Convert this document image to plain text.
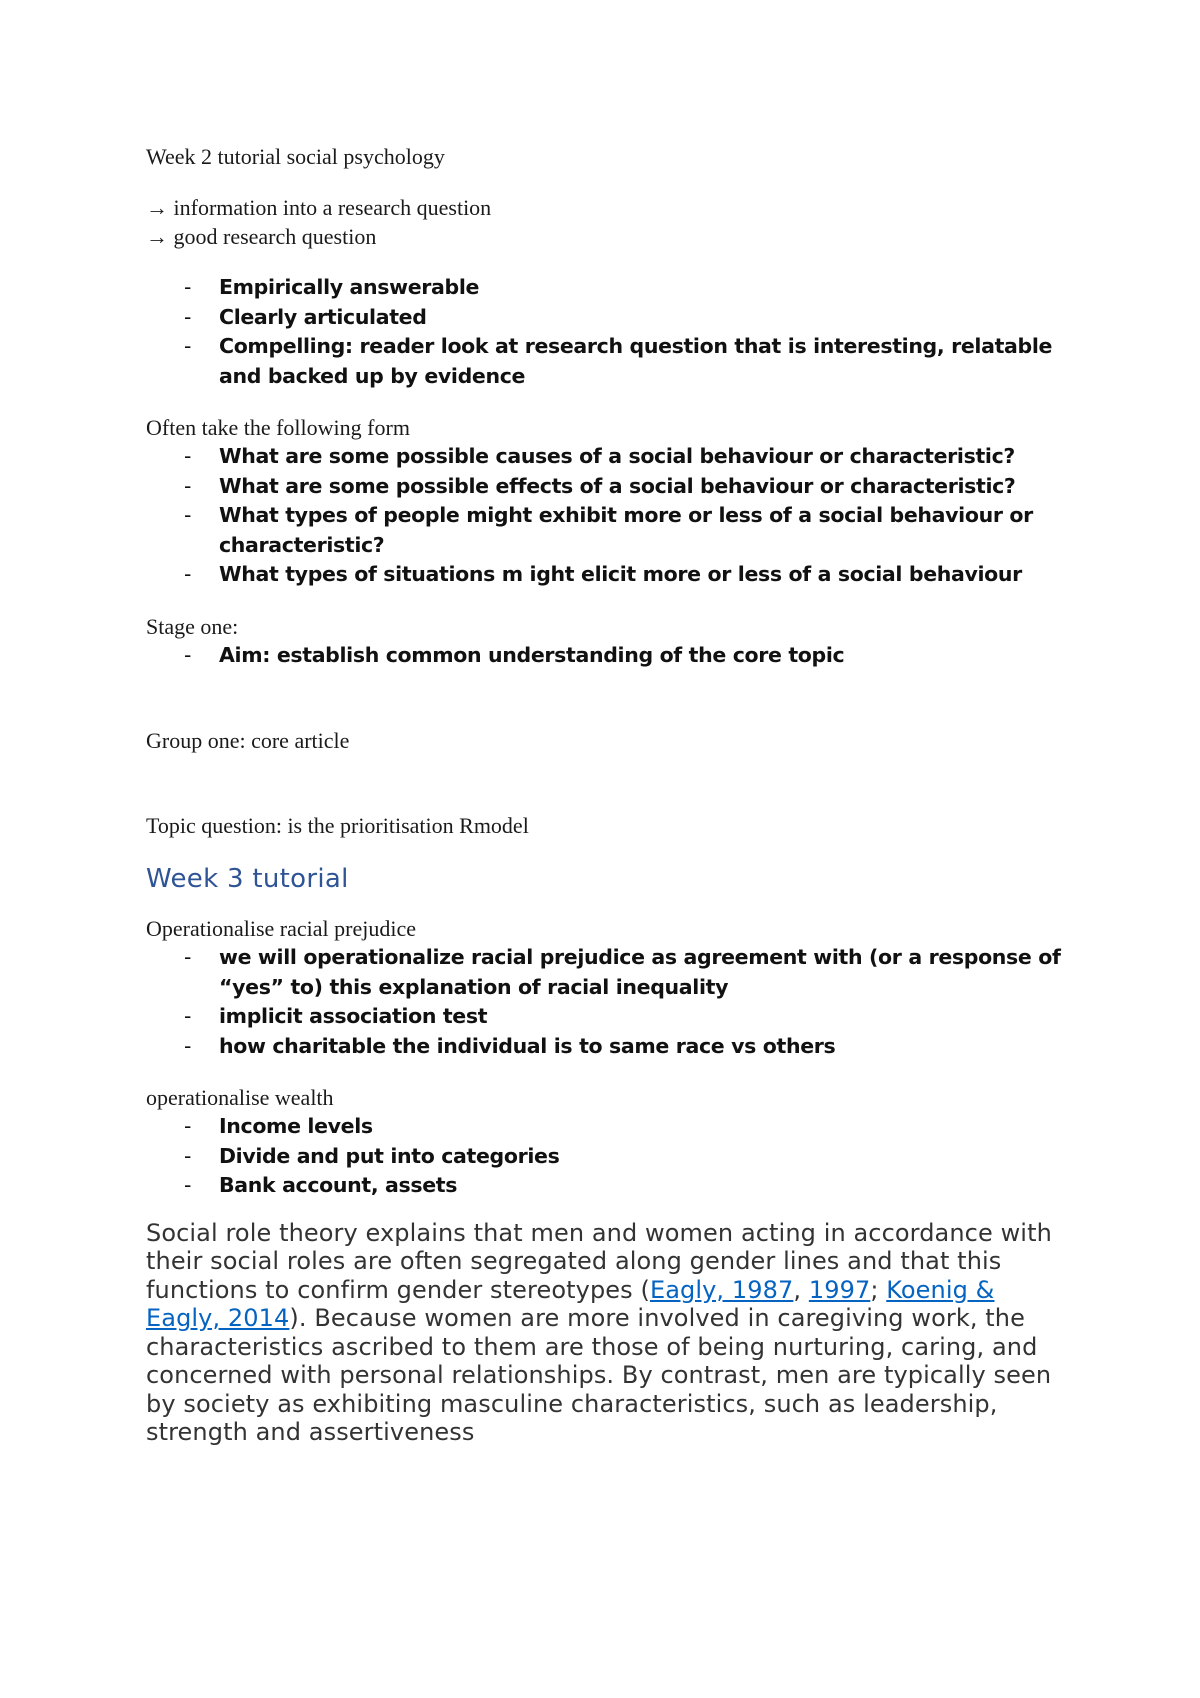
Week 2 tutorial social psychology
→ information into a research question
→ good research question
- Empirically answerable
- Clearly articulated
- Compelling: reader look at research question that is interesting, relatable and backed up by evidence
Often take the following form
- What are some possible causes of a social behaviour or characteristic?
- What are some possible effects of a social behaviour or characteristic?
- What types of people might exhibit more or less of a social behaviour or characteristic?
- What types of situations m ight elicit more or less of a social behaviour
Stage one:
- Aim: establish common understanding of the core topic
Group one: core article
Topic question: is the prioritisation Rmodel
Week 3 tutorial
Operationalise racial prejudice
- we will operationalize racial prejudice as agreement with (or a response of “yes” to) this explanation of racial inequality
- implicit association test
- how charitable the individual is to same race vs others
operationalise wealth
- Income levels
- Divide and put into categories
- Bank account, assets
Social role theory explains that men and women acting in accordance with their social roles are often segregated along gender lines and that this functions to confirm gender stereotypes (Eagly, 1987, 1997; Koenig & Eagly, 2014). Because women are more involved in caregiving work, the characteristics ascribed to them are those of being nurturing, caring, and concerned with personal relationships. By contrast, men are typically seen by society as exhibiting masculine characteristics, such as leadership, strength and assertiveness
